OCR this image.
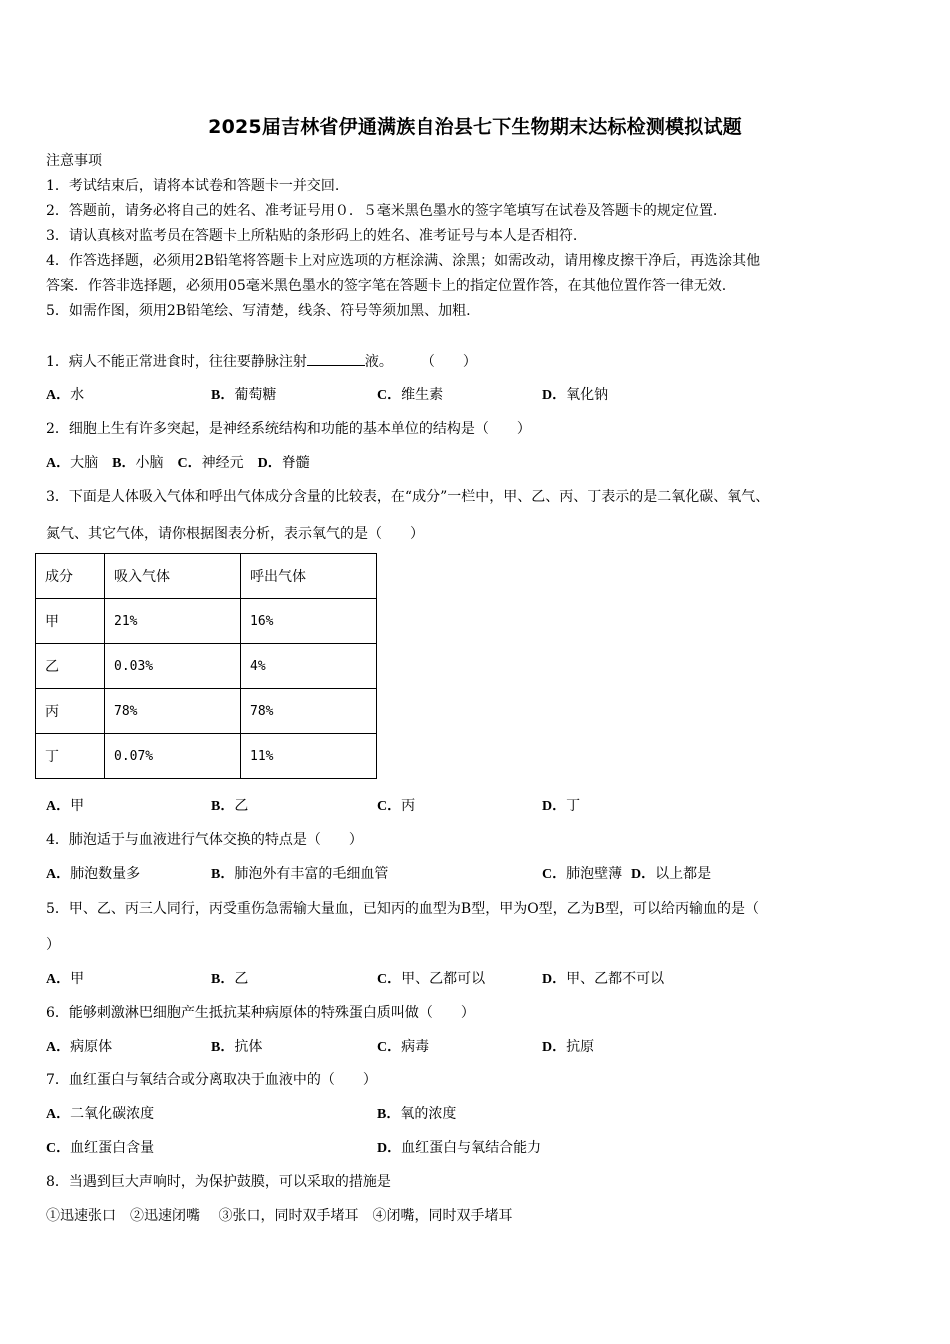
2025届吉林省伊通满族自治县七下生物期末达标检测模拟试题
注意事项
1．考试结束后，请将本试卷和答题卡一并交回.
2．答题前，请务必将自己的姓名、准考证号用０．５毫米黑色墨水的签字笔填写在试卷及答题卡的规定位置.
3．请认真核对监考员在答题卡上所粘贴的条形码上的姓名、准考证号与本人是否相符.
4．作答选择题，必须用2B铅笔将答题卡上对应选项的方框涂满、涂黑；如需改动，请用橡皮擦干净后，再选涂其他
答案．作答非选择题，必须用05毫米黑色墨水的签字笔在答题卡上的指定位置作答，在其他位置作答一律无效.
5．如需作图，须用2B铅笔绘、写清楚，线条、符号等须加黑、加粗.
1．病人不能正常进食时，往往要静脉注射	液。　　　（　　）
A．水	B．葡萄糖	C．维生素	D．氧化钠
2．细胞上生有许多突起，是神经系统结构和功能的基本单位的结构是（　　）
A．大脑　 B．小脑　 C．神经元　 D．脊髓
3．下面是人体吸入气体和呼出气体成分含量的比较表，在“成分”一栏中，甲、乙、丙、丁表示的是二氧化碳、氧气、
氮气、其它气体，请你根据图表分析，表示氧气的是（　　）
成分	吸入气体	呼出气体
甲	21%	16%
乙	0.03%	4%
丙	78%	78%
丁	0.07%	11%
A．甲	B．乙	C．丙	D．丁
4．肺泡适于与血液进行气体交换的特点是（　　）
A．肺泡数量多	B．肺泡外有丰富的毛细血管	C．肺泡壁薄 D．以上都是
5．甲、乙、丙三人同行，丙受重伤急需输大量血，已知丙的血型为B型，甲为O型，乙为B型，可以给丙输血的是（
）
A．甲	B．乙	C．甲、乙都可以	D．甲、乙都不可以
6．能够刺激淋巴细胞产生抵抗某种病原体的特殊蛋白质叫做（　　）
A．病原体	B．抗体	C．病毒	D．抗原
7．血红蛋白与氧结合或分离取决于血液中的（　　）
A．二氧化碳浓度	B．氧的浓度
C．血红蛋白含量	D．血红蛋白与氧结合能力
8．当遇到巨大声响时，为保护鼓膜，可以采取的措施是
①迅速张口　②迅速闭嘴　 ③张口，同时双手堵耳　④闭嘴，同时双手堵耳
